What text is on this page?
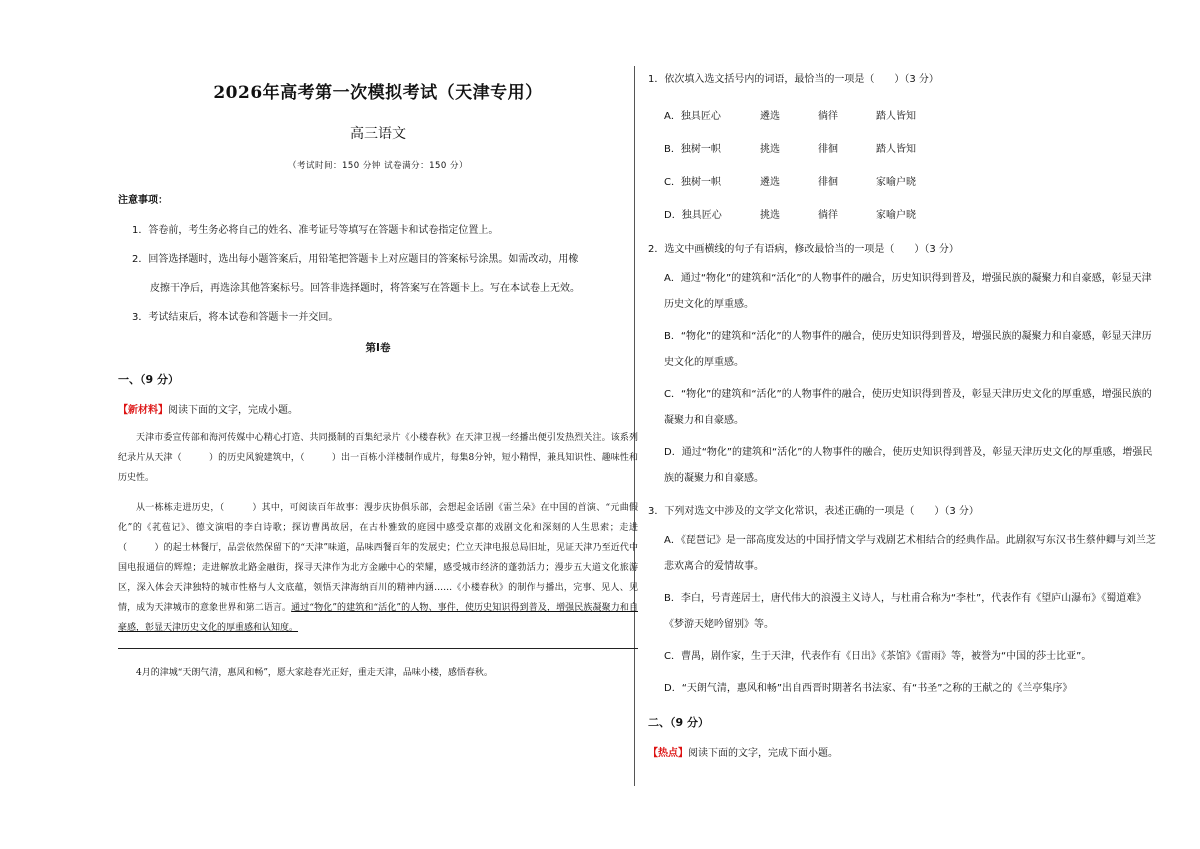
2026年高考第一次模拟考试（天津专用）
高三语文
（考试时间：150 分钟 试卷满分：150 分）
注意事项：

1．答卷前，考生务必将自己的姓名、准考证号等填写在答题卡和试卷指定位置上。

2．回答选择题时，选出每小题答案后，用铅笔把答题卡上对应题目的答案标号涂黑。如需改动，用橡

皮擦干净后，再选涂其他答案标号。回答非选择题时，将答案写在答题卡上。写在本试卷上无效。

3．考试结束后，将本试卷和答题卡一并交回。

第Ⅰ卷
一、（9 分）
【新材料】阅读下面的文字，完成小题。

天津市委宣传部和海河传媒中心精心打造、共同摄制的百集纪录片《小楼春秋》在天津卫视一经播出便引发热烈关注。该系列纪录片从天津（　　　）的历史风貌建筑中，（　　　）出一百栋小洋楼制作成片，每集8分钟，短小精悍，兼具知识性、趣味性和历史性。

从一栋栋走进历史，（　　　）其中，可阅读百年故事：漫步庆协俱乐部，会想起金话剧《雷兰朵》在中国的首演、“元曲假化”的《芤苞记》、德文演唱的李白诗歌；探访曹禺故居，在古朴雅致的庭园中感受京都的戏剧文化和深刻的人生思索；走进（　　　）的起士林餐厅，品尝依然保留下的“天津”味道，品味西餐百年的发展史；伫立天津电报总局旧址，见证天津乃至近代中国电报通信的辉煌；走进解放北路金融街，探寻天津作为北方金融中心的荣耀，感受城市经济的蓬勃活力；漫步五大道文化旅游区，深入体会天津独特的城市性格与人文底蕴，领悟天津海纳百川的精神内涵……《小楼春秋》的制作与播出，完事、见人、见情，成为天津城市的意象世界和第二语言。通过“物化”的建筑和“活化”的人物、事件，使历史知识得到普及，增强民族凝聚力和自豪感，彰显天津历史文化的厚重感和认知度。

4月的津城“天朗气清，惠风和畅”，愿大家趁春光正好，重走天津，品味小楼，感悟春秋。

1．依次填入选文括号内的词语，最恰当的一项是（　　）（3 分）
A．独具匠心	遴选	徜徉	踏人皆知
B．独树一帜	挑选	徘徊	踏人皆知
C．独树一帜	遴选	徘徊	家喻户晓
D．独具匠心	挑选	徜徉	家喻户晓
2．选文中画横线的句子有语病，修改最恰当的一项是（　　）（3 分）
A．通过“物化”的建筑和“活化”的人物事件的融合，历史知识得到普及，增强民族的凝聚力和自豪感，彰显天津历史文化的厚重感。
B．“物化”的建筑和“活化”的人物事件的融合，使历史知识得到普及，增强民族的凝聚力和自豪感，彰显天津历史文化的厚重感。
C．“物化”的建筑和“活化”的人物事件的融合，使历史知识得到普及，彰显天津历史文化的厚重感，增强民族的凝聚力和自豪感。
D．通过“物化”的建筑和“活化”的人物事件的融合，使历史知识得到普及，彰显天津历史文化的厚重感，增强民族的凝聚力和自豪感。
3．下列对选文中涉及的文学文化常识，表述正确的一项是（　　）（3 分）
A．《琵琶记》是一部高度发达的中国抒情文学与戏剧艺术相结合的经典作品。此剧叙写东汉书生蔡仲卿与刘兰芝悲欢离合的爱情故事。
B．李白，号青莲居士，唐代伟大的浪漫主义诗人，与杜甫合称为“李杜”，代表作有《望庐山瀑布》《蜀道难》《梦游天姥吟留别》等。
C．曹禺，剧作家，生于天津，代表作有《日出》《茶馆》《雷雨》等，被誉为“中国的莎士比亚”。
D．“天朗气清，惠风和畅”出自西晋时期著名书法家、有“书圣”之称的王献之的《兰亭集序》
二、（9 分）
【热点】阅读下面的文字，完成下面小题。
